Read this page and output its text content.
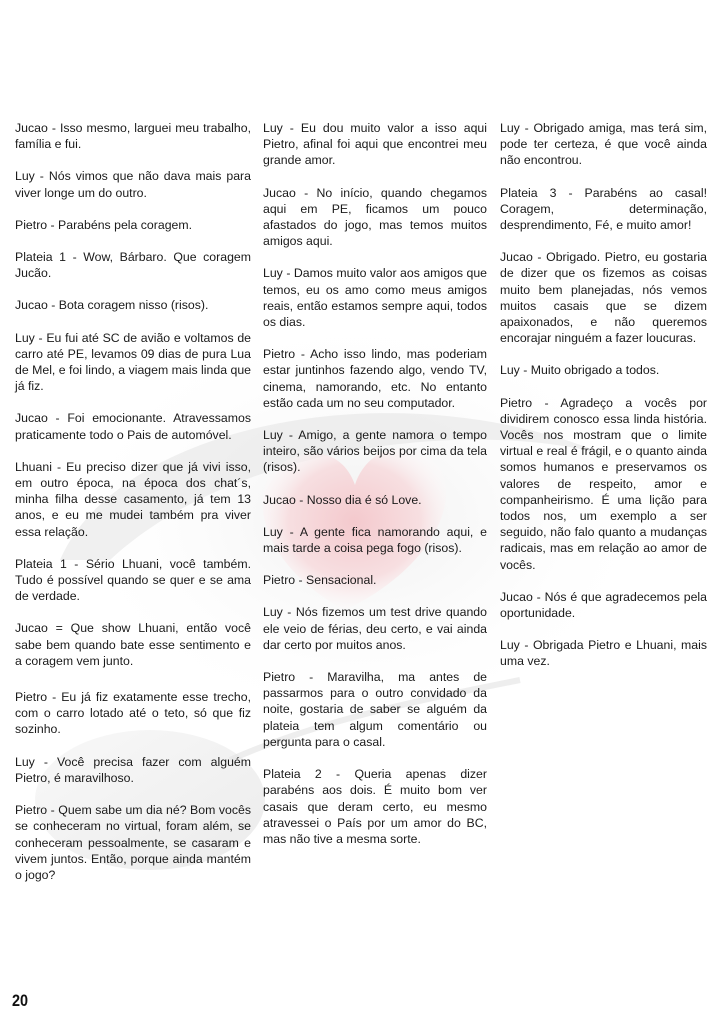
Jucao - Isso mesmo, larguei meu trabalho, família e fui.

Luy - Nós vimos que não dava mais para viver longe um do outro.

Pietro - Parabéns pela coragem.

Plateia 1 - Wow, Bárbaro. Que coragem Jucão.

Jucao - Bota coragem nisso (risos).

Luy - Eu fui até SC de avião e voltamos de carro até PE, levamos 09 dias de pura Lua de Mel, e foi lindo, a viagem mais linda que já fiz.

Jucao - Foi emocionante. Atravessamos praticamente todo o Pais de automóvel.

Lhuani - Eu preciso dizer que já vivi isso, em outro época, na época dos chat´s, minha filha desse casamento, já tem 13 anos, e eu me mudei também pra viver essa relação.

Plateia 1 - Sério Lhuani, você também. Tudo é possível quando se quer e se ama de verdade.

Jucao = Que show Lhuani, então você sabe bem quando bate esse sentimento e a coragem vem junto.

Pietro - Eu já fiz exatamente esse trecho, com o carro lotado até o teto, só que fiz sozinho.

Luy - Você precisa fazer com alguém Pietro, é maravilhoso.

Pietro - Quem sabe um dia né? Bom vocês se conheceram no virtual, foram além, se conheceram pessoalmente, se casaram e vivem juntos. Então, porque ainda mantém o jogo?

Luy - Eu dou muito valor a isso aqui Pietro, afinal foi aqui que encontrei meu grande amor.

Jucao - No início, quando chegamos aqui em PE, ficamos um pouco afastados do jogo, mas temos muitos amigos aqui.

Luy - Damos muito valor aos amigos que temos, eu os amo como meus amigos reais, então estamos sempre aqui, todos os dias.

Pietro - Acho isso lindo, mas poderiam estar juntinhos fazendo algo, vendo TV, cinema, namorando, etc. No entanto estão cada um no seu computador.

Luy - Amigo, a gente namora o tempo inteiro, são vários beijos por cima da tela (risos).

Jucao - Nosso dia é só Love.

Luy - A gente fica namorando aqui, e mais tarde a coisa pega fogo (risos).

Pietro - Sensacional.

Luy - Nós fizemos um test drive quando ele veio de férias, deu certo, e vai ainda dar certo por muitos anos.

Pietro - Maravilha, ma antes de passarmos para o outro convidado da noite, gostaria de saber se alguém da plateia tem algum comentário ou pergunta para o casal.

Plateia 2 - Queria apenas dizer parabéns aos dois. É muito bom ver casais que deram certo, eu mesmo atravessei o País por um amor do BC, mas não tive a mesma sorte.

Luy - Obrigado amiga, mas terá sim, pode ter certeza, é que você ainda não encontrou.

Plateia 3 - Parabéns ao casal! Coragem, determinação, desprendimento, Fé, e muito amor!

Jucao - Obrigado. Pietro, eu gostaria de dizer que os fizemos as coisas muito bem planejadas, nós vemos muitos casais que se dizem apaixonados, e não queremos encorajar ninguém a fazer loucuras.

Luy - Muito obrigado a todos.

Pietro - Agradeço a vocês por dividirem conosco essa linda história. Vocês nos mostram que o limite virtual e real é frágil, e o quanto ainda somos humanos e preservamos os valores de respeito, amor e companheirismo. É uma lição para todos nos, um exemplo a ser seguido, não falo quanto a mudanças radicais, mas em relação ao amor de vocês.

Jucao - Nós é que agradecemos pela oportunidade.

Luy - Obrigada Pietro e Lhuani, mais uma vez.

20
